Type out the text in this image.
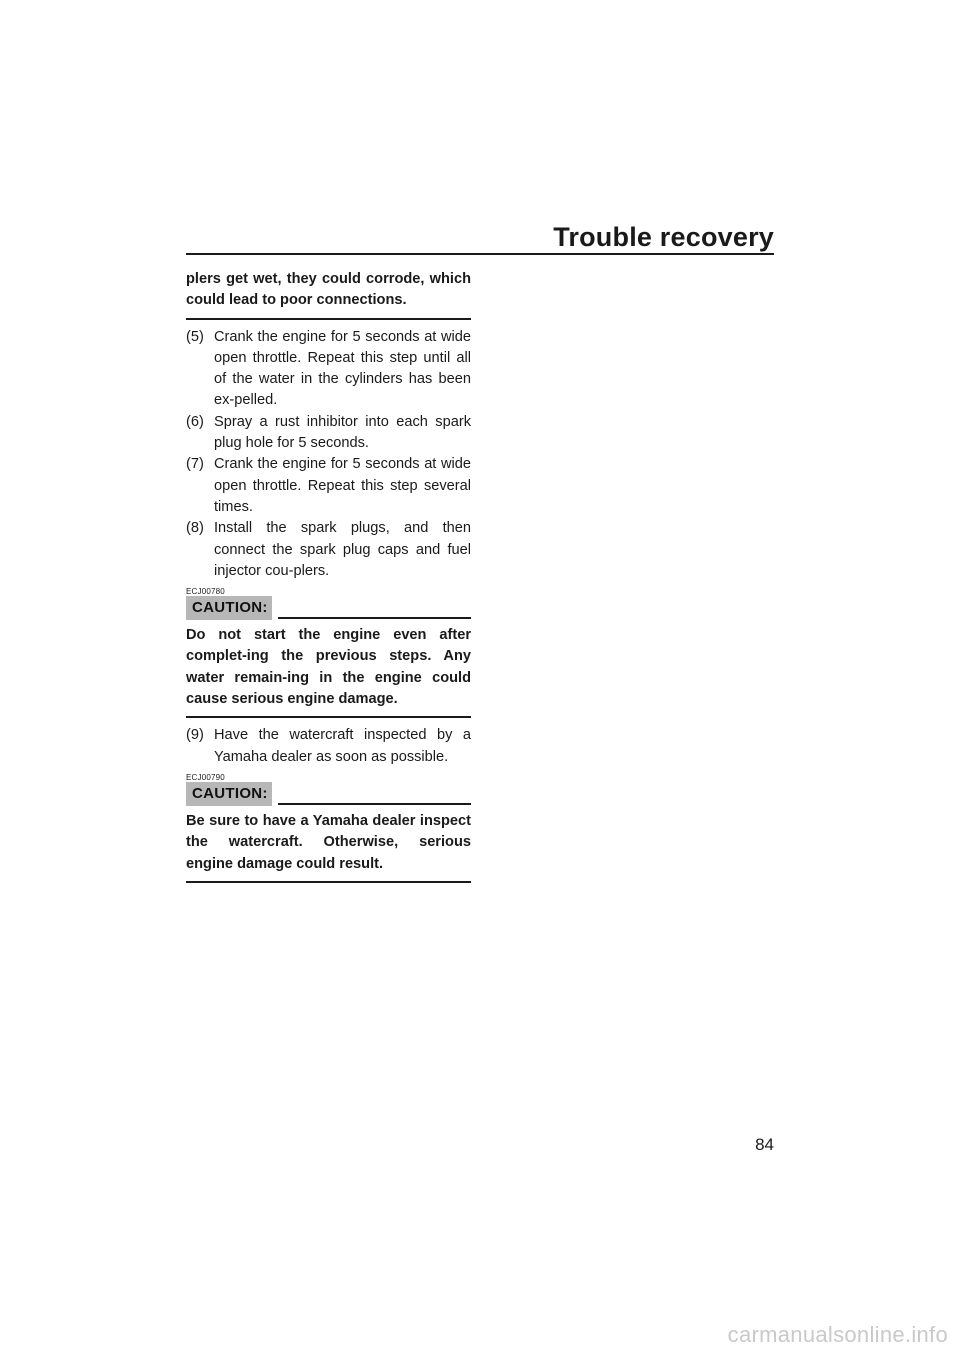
Trouble recovery
plers get wet, they could corrode, which could lead to poor connections.
(5) Crank the engine for 5 seconds at wide open throttle. Repeat this step until all of the water in the cylinders has been ex-pelled.
(6) Spray a rust inhibitor into each spark plug hole for 5 seconds.
(7) Crank the engine for 5 seconds at wide open throttle. Repeat this step several times.
(8) Install the spark plugs, and then connect the spark plug caps and fuel injector cou-plers.
ECJ00780
CAUTION:
Do not start the engine even after complet-ing the previous steps. Any water remain-ing in the engine could cause serious engine damage.
(9) Have the watercraft inspected by a Yamaha dealer as soon as possible.
ECJ00790
CAUTION:
Be sure to have a Yamaha dealer inspect the watercraft. Otherwise, serious engine damage could result.
84
carmanualsonline.info
